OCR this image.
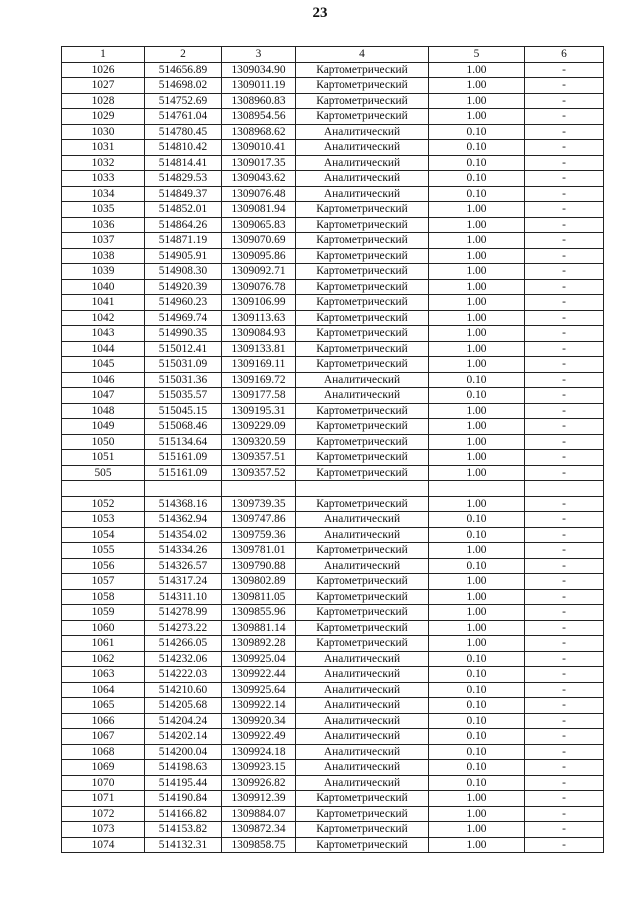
23
1	2	3	4	5	6
1026	514656.89	1309034.90	Картометрический	1.00	-
1027	514698.02	1309011.19	Картометрический	1.00	-
1028	514752.69	1308960.83	Картометрический	1.00	-
1029	514761.04	1308954.56	Картометрический	1.00	-
1030	514780.45	1308968.62	Аналитический	0.10	-
1031	514810.42	1309010.41	Аналитический	0.10	-
1032	514814.41	1309017.35	Аналитический	0.10	-
1033	514829.53	1309043.62	Аналитический	0.10	-
1034	514849.37	1309076.48	Аналитический	0.10	-
1035	514852.01	1309081.94	Картометрический	1.00	-
1036	514864.26	1309065.83	Картометрический	1.00	-
1037	514871.19	1309070.69	Картометрический	1.00	-
1038	514905.91	1309095.86	Картометрический	1.00	-
1039	514908.30	1309092.71	Картометрический	1.00	-
1040	514920.39	1309076.78	Картометрический	1.00	-
1041	514960.23	1309106.99	Картометрический	1.00	-
1042	514969.74	1309113.63	Картометрический	1.00	-
1043	514990.35	1309084.93	Картометрический	1.00	-
1044	515012.41	1309133.81	Картометрический	1.00	-
1045	515031.09	1309169.11	Картометрический	1.00	-
1046	515031.36	1309169.72	Аналитический	0.10	-
1047	515035.57	1309177.58	Аналитический	0.10	-
1048	515045.15	1309195.31	Картометрический	1.00	-
1049	515068.46	1309229.09	Картометрический	1.00	-
1050	515134.64	1309320.59	Картометрический	1.00	-
1051	515161.09	1309357.51	Картометрический	1.00	-
505	515161.09	1309357.52	Картометрический	1.00	-

1052	514368.16	1309739.35	Картометрический	1.00	-
1053	514362.94	1309747.86	Аналитический	0.10	-
1054	514354.02	1309759.36	Аналитический	0.10	-
1055	514334.26	1309781.01	Картометрический	1.00	-
1056	514326.57	1309790.88	Аналитический	0.10	-
1057	514317.24	1309802.89	Картометрический	1.00	-
1058	514311.10	1309811.05	Картометрический	1.00	-
1059	514278.99	1309855.96	Картометрический	1.00	-
1060	514273.22	1309881.14	Картометрический	1.00	-
1061	514266.05	1309892.28	Картометрический	1.00	-
1062	514232.06	1309925.04	Аналитический	0.10	-
1063	514222.03	1309922.44	Аналитический	0.10	-
1064	514210.60	1309925.64	Аналитический	0.10	-
1065	514205.68	1309922.14	Аналитический	0.10	-
1066	514204.24	1309920.34	Аналитический	0.10	-
1067	514202.14	1309922.49	Аналитический	0.10	-
1068	514200.04	1309924.18	Аналитический	0.10	-
1069	514198.63	1309923.15	Аналитический	0.10	-
1070	514195.44	1309926.82	Аналитический	0.10	-
1071	514190.84	1309912.39	Картометрический	1.00	-
1072	514166.82	1309884.07	Картометрический	1.00	-
1073	514153.82	1309872.34	Картометрический	1.00	-
1074	514132.31	1309858.75	Картометрический	1.00	-
